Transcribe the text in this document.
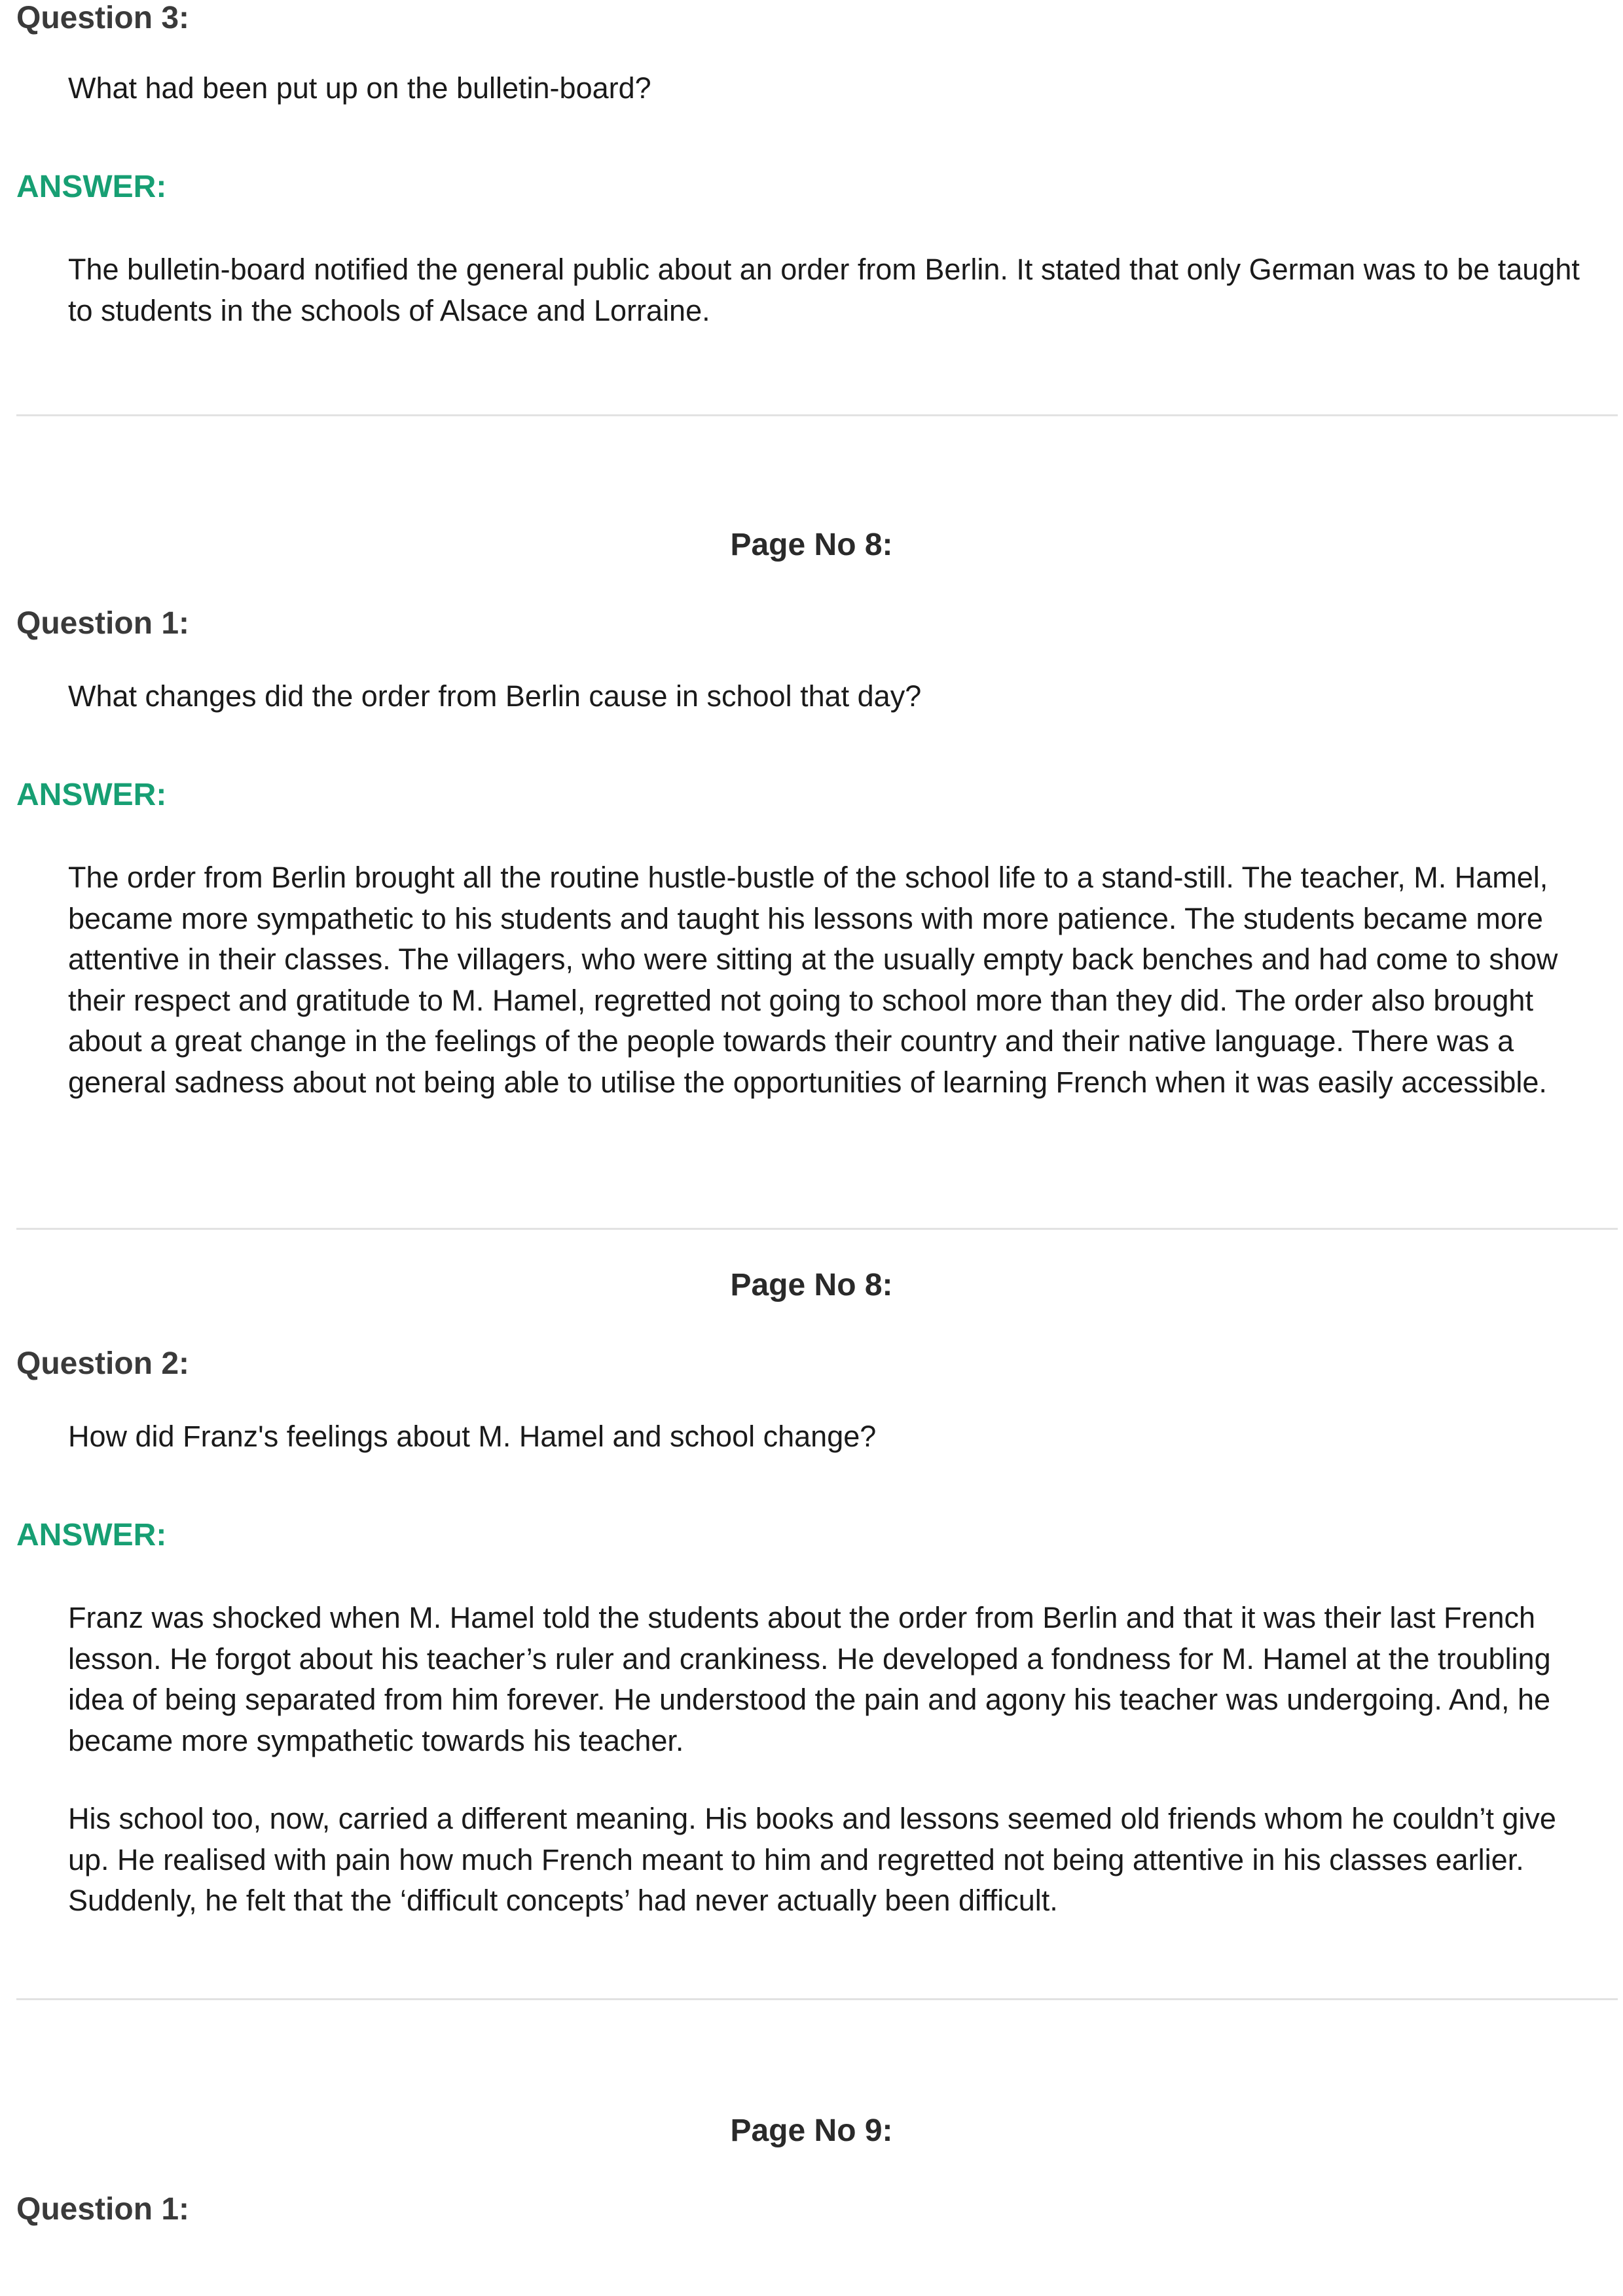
Question 3:

What had been put up on the bulletin-board?

ANSWER:

The bulletin-board notified the general public about an order from Berlin. It stated that only German was to be taught to students in the schools of Alsace and Lorraine.

Page No 8:

Question 1:

What changes did the order from Berlin cause in school that day?

ANSWER:

The order from Berlin brought all the routine hustle-bustle of the school life to a stand-still. The teacher, M. Hamel, became more sympathetic to his students and taught his lessons with more patience. The students became more attentive in their classes. The villagers, who were sitting at the usually empty back benches and had come to show their respect and gratitude to M. Hamel, regretted not going to school more than they did. The order also brought about a great change in the feelings of the people towards their country and their native language. There was a general sadness about not being able to utilise the opportunities of learning French when it was easily accessible.

Page No 8:

Question 2:

How did Franz's feelings about M. Hamel and school change?

ANSWER:

Franz was shocked when M. Hamel told the students about the order from Berlin and that it was their last French lesson. He forgot about his teacher’s ruler and crankiness. He developed a fondness for M. Hamel at the troubling idea of being separated from him forever. He understood the pain and agony his teacher was undergoing. And, he became more sympathetic towards his teacher.

His school too, now, carried a different meaning. His books and lessons seemed old friends whom he couldn’t give up. He realised with pain how much French meant to him and regretted not being attentive in his classes earlier. Suddenly, he felt that the ‘difficult concepts’ had never actually been difficult.

Page No 9:

Question 1:
